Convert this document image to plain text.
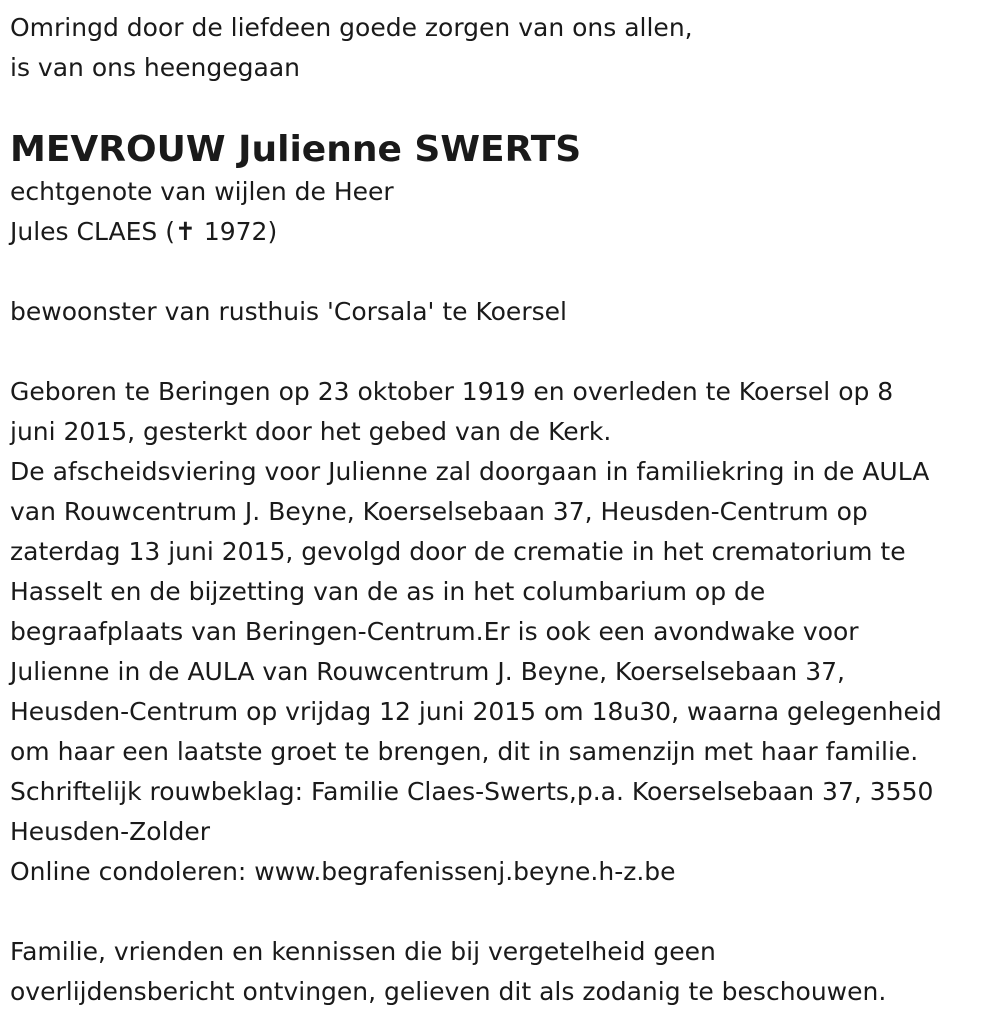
Omringd door de liefdeen goede zorgen van ons allen,

is van ons heengegaan

MEVROUW Julienne SWERTS

echtgenote van wijlen de Heer

Jules CLAES (✝ 1972)

bewoonster van rusthuis 'Corsala' te Koersel

Geboren te Beringen op 23 oktober 1919 en overleden te Koersel op 8

juni 2015, gesterkt door het gebed van de Kerk.

De afscheidsviering voor Julienne zal doorgaan in familiekring in de AULA

van Rouwcentrum J. Beyne, Koerselsebaan 37, Heusden-Centrum op

zaterdag 13 juni 2015, gevolgd door de crematie in het crematorium te

Hasselt en de bijzetting van de as in het columbarium op de

begraafplaats van Beringen-Centrum.Er is ook een avondwake voor

Julienne in de AULA van Rouwcentrum J. Beyne, Koerselsebaan 37,

Heusden-Centrum op vrijdag 12 juni 2015 om 18u30, waarna gelegenheid

om haar een laatste groet te brengen, dit in samenzijn met haar familie.

Schriftelijk rouwbeklag: Familie Claes-Swerts,p.a. Koerselsebaan 37, 3550

Heusden-Zolder

Online condoleren: www.begrafenissenj.beyne.h-z.be

Familie, vrienden en kennissen die bij vergetelheid geen

overlijdensbericht ontvingen, gelieven dit als zodanig te beschouwen.
